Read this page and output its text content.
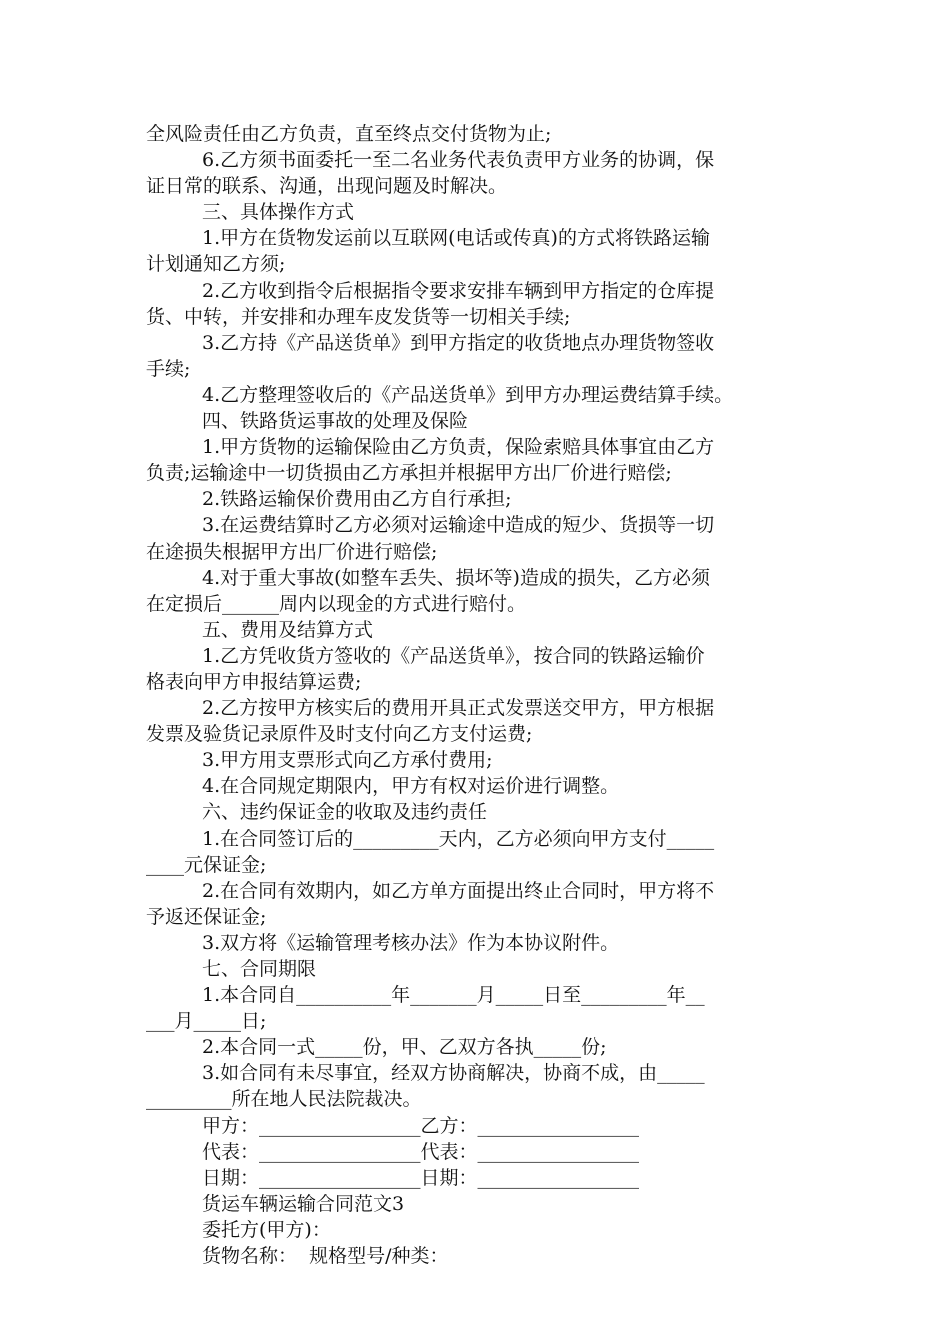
全风险责任由乙方负责，直至终点交付货物为止;
6.乙方须书面委托一至二名业务代表负责甲方业务的协调，保
证日常的联系、沟通，出现问题及时解决。
三、具体操作方式
1.甲方在货物发运前以互联网(电话或传真)的方式将铁路运输
计划通知乙方须;
2.乙方收到指令后根据指令要求安排车辆到甲方指定的仓库提
货、中转，并安排和办理车皮发货等一切相关手续;
3.乙方持《产品送货单》到甲方指定的收货地点办理货物签收
手续;
4.乙方整理签收后的《产品送货单》到甲方办理运费结算手续。
四、铁路货运事故的处理及保险
1.甲方货物的运输保险由乙方负责，保险索赔具体事宜由乙方
负责;运输途中一切货损由乙方承担并根据甲方出厂价进行赔偿;
2.铁路运输保价费用由乙方自行承担;
3.在运费结算时乙方必须对运输途中造成的短少、货损等一切
在途损失根据甲方出厂价进行赔偿;
4.对于重大事故(如整车丢失、损坏等)造成的损失，乙方必须
在定损后______周内以现金的方式进行赔付。
五、费用及结算方式
1.乙方凭收货方签收的《产品送货单》，按合同的铁路运输价
格表向甲方申报结算运费;
2.乙方按甲方核实后的费用开具正式发票送交甲方，甲方根据
发票及验货记录原件及时支付向乙方支付运费;
3.甲方用支票形式向乙方承付费用;
4.在合同规定期限内，甲方有权对运价进行调整。
六、违约保证金的收取及违约责任
1.在合同签订后的_________天内，乙方必须向甲方支付_____
____元保证金;
2.在合同有效期内，如乙方单方面提出终止合同时，甲方将不
予返还保证金;
3.双方将《运输管理考核办法》作为本协议附件。
七、合同期限
1.本合同自__________年_______月_____日至_________年__
___月_____日;
2.本合同一式_____份，甲、乙双方各执_____份;
3.如合同有未尽事宜，经双方协商解决，协商不成，由_____
_________所在地人民法院裁决。
甲方：_________________乙方：_________________
代表：_________________代表：_________________
日期：_________________日期：_________________
货运车辆运输合同范文3
委托方(甲方)：
货物名称：  规格型号/种类：
